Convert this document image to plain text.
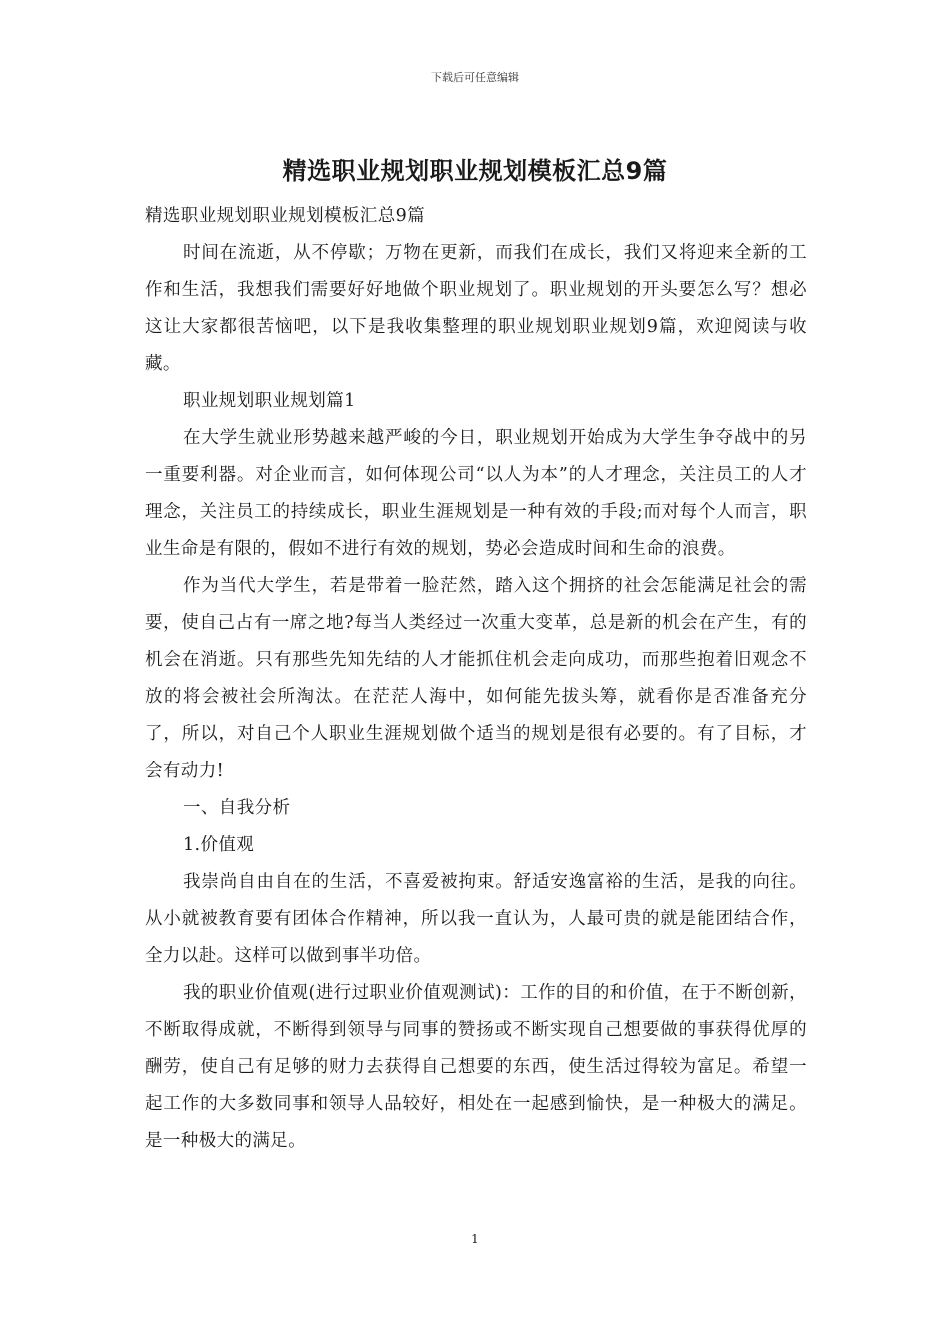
下载后可任意编辑
精选职业规划职业规划模板汇总9篇

精选职业规划职业规划模板汇总9篇

时间在流逝，从不停歇；万物在更新，而我们在成长，我们又将迎来全新的工作和生活，我想我们需要好好地做个职业规划了。职业规划的开头要怎么写？想必这让大家都很苦恼吧，以下是我收集整理的职业规划职业规划9篇，欢迎阅读与收藏。

职业规划职业规划篇1

在大学生就业形势越来越严峻的今日，职业规划开始成为大学生争夺战中的另一重要利器。对企业而言，如何体现公司“以人为本”的人才理念，关注员工的人才理念，关注员工的持续成长，职业生涯规划是一种有效的手段;而对每个人而言，职业生命是有限的，假如不进行有效的规划，势必会造成时间和生命的浪费。

作为当代大学生，若是带着一脸茫然，踏入这个拥挤的社会怎能满足社会的需要，使自己占有一席之地?每当人类经过一次重大变革，总是新的机会在产生，有的机会在消逝。只有那些先知先结的人才能抓住机会走向成功，而那些抱着旧观念不放的将会被社会所淘汰。在茫茫人海中，如何能先拔头筹，就看你是否准备充分了，所以，对自己个人职业生涯规划做个适当的规划是很有必要的。有了目标，才会有动力!

一、自我分析

1.价值观

我崇尚自由自在的生活，不喜爱被拘束。舒适安逸富裕的生活，是我的向往。从小就被教育要有团体合作精神，所以我一直认为，人最可贵的就是能团结合作，全力以赴。这样可以做到事半功倍。

我的职业价值观(进行过职业价值观测试)：工作的目的和价值，在于不断创新，不断取得成就，不断得到领导与同事的赞扬或不断实现自己想要做的事获得优厚的酬劳，使自己有足够的财力去获得自己想要的东西，使生活过得较为富足。希望一起工作的大多数同事和领导人品较好，相处在一起感到愉快，是一种极大的满足。是一种极大的满足。

1
